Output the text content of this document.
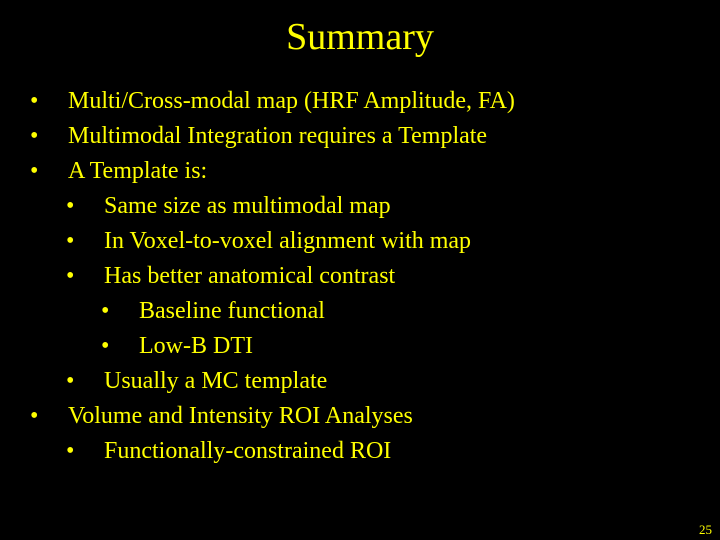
Summary
• Multi/Cross-modal map (HRF Amplitude, FA)
• Multimodal Integration requires a Template
• A Template is:
• Same size as multimodal map
• In Voxel-to-voxel alignment with map
• Has better anatomical contrast
• Baseline functional
• Low-B DTI
• Usually a MC template
• Volume and Intensity ROI Analyses
• Functionally-constrained ROI
25
